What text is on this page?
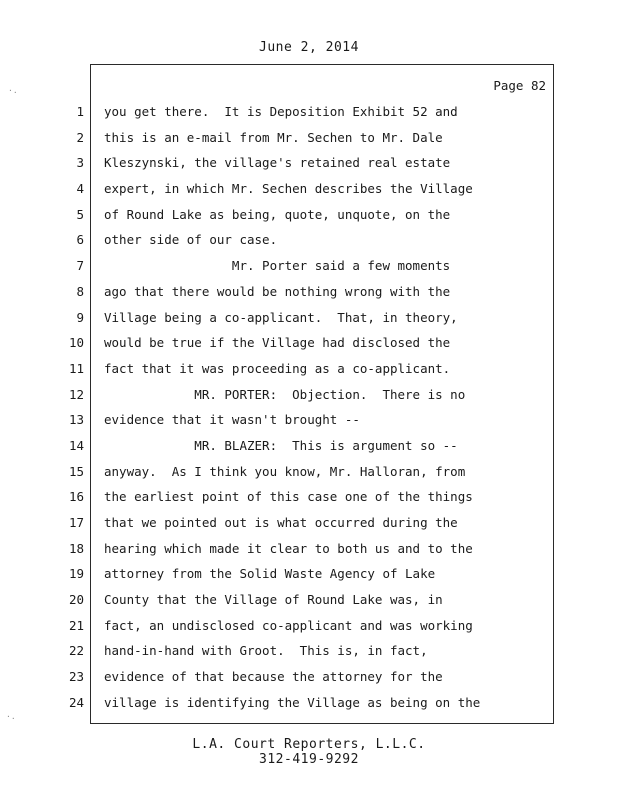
June 2, 2014
Page 82
1
2
3
4
5
6
7
8
9
10
11
12
13
14
15
16
17
18
19
20
21
22
23
24
you get there.  It is Deposition Exhibit 52 and
this is an e-mail from Mr. Sechen to Mr. Dale
Kleszynski, the village's retained real estate
expert, in which Mr. Sechen describes the Village
of Round Lake as being, quote, unquote, on the
other side of our case.
Mr. Porter said a few moments
ago that there would be nothing wrong with the
Village being a co-applicant.  That, in theory,
would be true if the Village had disclosed the
fact that it was proceeding as a co-applicant.
MR. PORTER:  Objection.  There is no
evidence that it wasn't brought --
MR. BLAZER:  This is argument so --
anyway.  As I think you know, Mr. Halloran, from
the earliest point of this case one of the things
that we pointed out is what occurred during the
hearing which made it clear to both us and to the
attorney from the Solid Waste Agency of Lake
County that the Village of Round Lake was, in
fact, an undisclosed co-applicant and was working
hand-in-hand with Groot.  This is, in fact,
evidence of that because the attorney for the
village is identifying the Village as being on the
L.A. Court Reporters, L.L.C.
312-419-9292
·.
·.
